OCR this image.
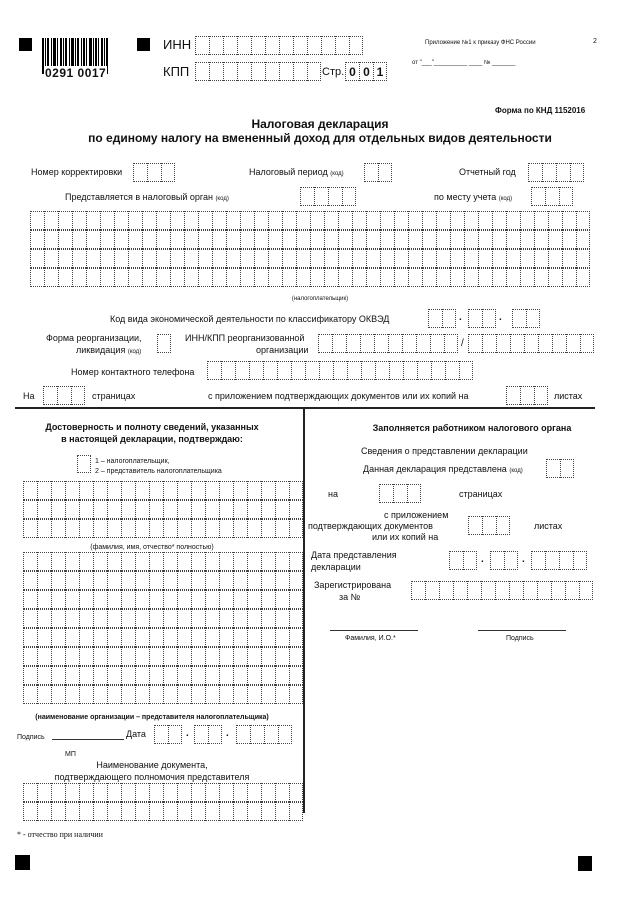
0291 0017
ИНН
КПП	Стр. 0 0 1
Приложение №1 к приказу ФНС России	2
от "___"__________ ____ № _______
Форма по КНД 1152016
Налоговая декларация
по единому налогу на вмененный доход для отдельных видов деятельности
Номер корректировки	Налоговый период (код)	Отчетный год
Представляется в налоговый орган (код)	по месту учета (код)
(налогоплательщик)
Код вида экономической деятельности по классификатору ОКВЭД	.	.
Форма реорганизации,
ликвидация (код)
ИНН/КПП реорганизованной
организации
/
Номер контактного телефона
На	страницах	с приложением подтверждающих документов или их копий на	листах
Достоверность и полноту сведений, указанных
в настоящей декларации, подтверждаю:
1 – налогоплательщик,
2 – представитель налогоплательщика
(фамилия, имя, отчество* полностью)
(наименование организации – представителя налогоплательщика)
Подпись	Дата	.	.
МП
Наименование документа,
подтверждающего полномочия представителя
* - отчество при наличии
Заполняется работником налогового органа
Сведения о представлении декларации
Данная декларация представлена (код)
на	страницах
с приложением
подтверждающих документов
или их копий на
листах
Дата представления
декларации
.	.
Зарегистрирована
за №
Фамилия, И.О.*	Подпись
